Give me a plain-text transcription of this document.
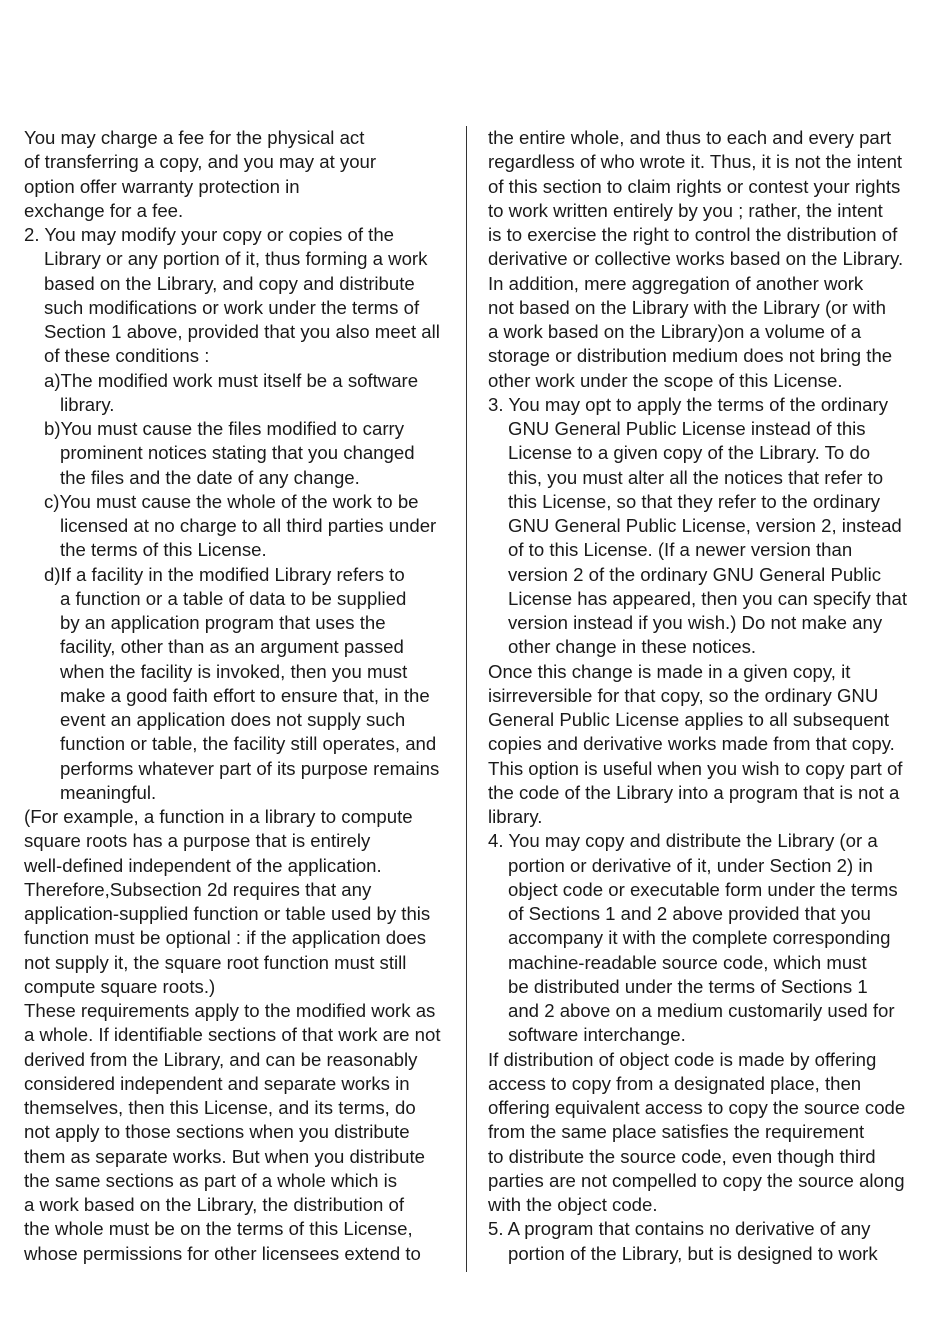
You may charge a fee for the physical act
of transferring a copy, and you may at your
option offer warranty protection in
exchange for a fee.
2. You may modify your copy or copies of the
Library or any portion of it, thus forming a work
based on the Library, and copy and distribute
such modifications or work under the terms of
Section 1 above, provided that you also meet all
of these conditions :
a)The modified work must itself be a software
library.
b)You must cause the files modified to carry
prominent notices stating that you changed
the files and the date of any change.
c)You must cause the whole of the work to be
licensed at no charge to all third parties under
the terms of this License.
d)If a facility in the modified Library refers to
a function or a table of data to be supplied
by an application program that uses the
facility, other than as an argument passed
when the facility is invoked, then you must
make a good faith effort to ensure that, in the
event an application does not supply such
function or table, the facility still operates, and
performs whatever part of its purpose remains
meaningful.
(For example, a function in a library to compute
square roots has a purpose that is entirely
well-defined independent of the application.
Therefore,Subsection 2d requires that any
application-supplied function or table used by this
function must be optional : if the application does
not supply it, the square root function must still
compute square roots.)
These requirements apply to the modified work as
a whole. If identifiable sections of that work are not
derived from the Library, and can be reasonably
considered independent and separate works in
themselves, then this License, and its terms, do
not apply to those sections when you distribute
them as separate works. But when you distribute
the same sections as part of a whole which is
a work based on the Library, the distribution of
the whole must be on the terms of this License,
whose permissions for other licensees extend to
the entire whole, and thus to each and every part
regardless of who wrote it. Thus, it is not the intent
of this section to claim rights or contest your rights
to work written entirely by you ; rather, the intent
is to exercise the right to control the distribution of
derivative or collective works based on the Library.
In addition, mere aggregation of another work
not based on the Library with the Library (or with
a work based on the Library)on a volume of a
storage or distribution medium does not bring the
other work under the scope of this License.
3. You may opt to apply the terms of the ordinary
GNU General Public License instead of this
License to a given copy of the Library. To do
this, you must alter all the notices that refer to
this License, so that they refer to the ordinary
GNU General Public License, version 2, instead
of to this License. (If a newer version than
version 2 of the ordinary GNU General Public
License has appeared, then you can specify that
version instead if you wish.) Do not make any
other change in these notices.
Once this change is made in a given copy, it
isirreversible for that copy, so the ordinary GNU
General Public License applies to all subsequent
copies and derivative works made from that copy.
This option is useful when you wish to copy part of
the code of the Library into a program that is not a
library.
4. You may copy and distribute the Library (or a
portion or derivative of it, under Section 2) in
object code or executable form under the terms
of Sections 1 and 2 above provided that you
accompany it with the complete corresponding
machine-readable source code, which must
be distributed under the terms of Sections 1
and 2 above on a medium customarily used for
software interchange.
If distribution of object code is made by offering
access to copy from a designated place, then
offering equivalent access to copy the source code
from the same place satisfies the requirement
to distribute the source code, even though third
parties are not compelled to copy the source along
with the object code.
5. A program that contains no derivative of any
portion of the Library, but is designed to work
